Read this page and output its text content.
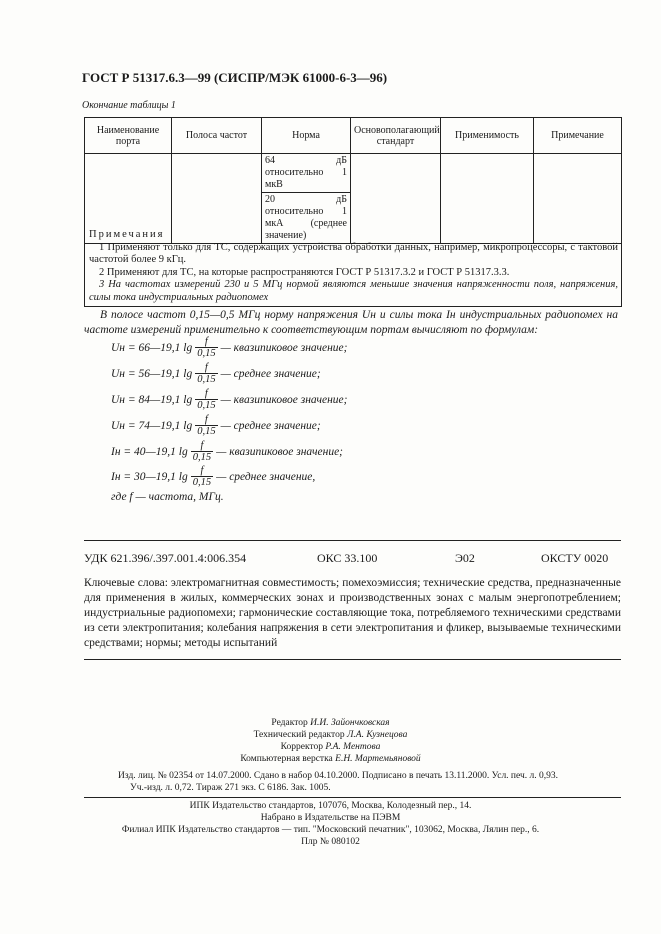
ГОСТ Р 51317.6.3—99 (СИСПР/МЭК 61000-6-3—96)
Окончание таблицы 1
Наименование порта	Полоса частот	Норма	Основополагающий стандарт	Применимость	Примечание

		64 дБ относительно 1 мкВ
20 дБ относительно 1 мкА (среднее значение)			

Примечания

1 Применяют только для ТС, содержащих устройства обработки данных, например, микропроцессоры, с тактовой частотой более 9 кГц.

2 Применяют для ТС, на которые распространяются ГОСТ Р 51317.3.2 и ГОСТ Р 51317.3.3.

3 На частотах измерений 230 и 5 МГц нормой являются меньшие значения напряженности поля, напряжения, силы тока индустриальных радиопомех

В полосе частот 0,15—0,5 МГц норму напряжения Uн и силы тока Iн индустриальных радиопомех на частоте измерений применительно к соответствующим портам вычисляют по формулам:

Uн = 66—19,1 $\lg \frac{f}{0,15}$ — квазипиковое значение;
Uн = 56—19,1 $\lg \frac{f}{0,15}$ — среднее значение;
Uн = 84—19,1 $\lg \frac{f}{0,15}$ — квазипиковое значение;
Uн = 74—19,1 $\lg \frac{f}{0,15}$ — среднее значение;
Iн = 40—19,1 $\lg \frac{f}{0,15}$ — квазипиковое значение;
Iн = 30—19,1 $\lg \frac{f}{0,15}$ — среднее значение,
где f — частота, МГц.
УДК 621.396/.397.001.4:006.354	ОКС 33.100	Э02	ОКСТУ 0020

Ключевые слова: электромагнитная совместимость; помехоэмиссия; технические средства, предназначенные для применения в жилых, коммерческих зонах и производственных зонах с малым энергопотреблением; индустриальные радиопомехи; гармонические составляющие тока, потребляемого техническими средствами из сети электропитания; колебания напряжения в сети электропитания и фликер, вызываемые техническими средствами; нормы; методы испытаний

Редактор И.И. Зайончковская
Технический редактор Л.А. Кузнецова
Корректор Р.А. Ментова
Компьютерная верстка Е.Н. Мартемьяновой
Изд. лиц. № 02354 от 14.07.2000. Сдано в набор 04.10.2000. Подписано в печать 13.11.2000. Усл. печ. л. 0,93.
Уч.-изд. л. 0,72. Тираж 271 экз. С 6186. Зак. 1005.
ИПК Издательство стандартов, 107076, Москва, Колодезный пер., 14.
Набрано в Издательстве на ПЭВМ
Филиал ИПК Издательство стандартов — тип. "Московский печатник", 103062, Москва, Лялин пер., 6.
Плр № 080102
